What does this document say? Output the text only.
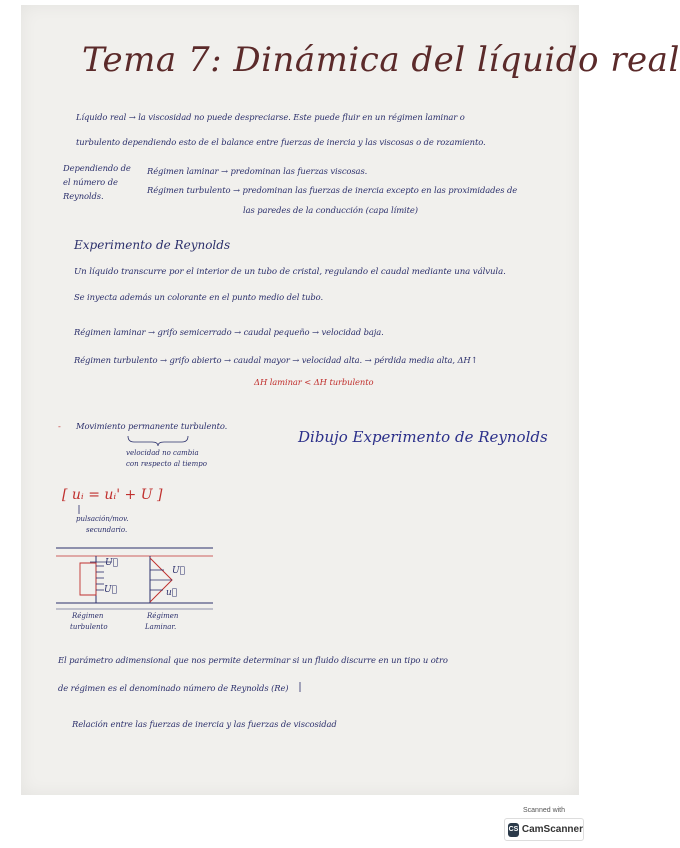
Tema 7: Dinámica del líquido real
Líquido real → la viscosidad no puede despreciarse. Este puede fluir en un régimen laminar o
turbulento dependiendo esto de el balance entre fuerzas de inercia y las viscosas o de rozamiento.
Dependiendo de
el número de
Reynolds.
Régimen laminar → predominan las fuerzas viscosas.
Régimen turbulento → predominan las fuerzas de inercia excepto en las proximidades de
las paredes de la conducción (capa límite)
Experimento de Reynolds
Un líquido transcurre por el interior de un tubo de cristal, regulando el caudal mediante una válvula.
Se inyecta además un colorante en el punto medio del tubo.
Régimen laminar → grifo semicerrado → caudal pequeño → velocidad baja.
Régimen turbulento → grifo abierto → caudal mayor → velocidad alta. → pérdida media alta, ΔH↑
ΔH laminar < ΔH turbulento
- Movimiento permanente turbulento.
velocidad no cambia
con respecto al tiempo
Dibujo Experimento de Reynolds
[ uᵢ = uᵢ' + U ]
pulsación/mov.
secundario.
U⃗
U⃗
U⃗
u⃗
Régimen
turbulento
Régimen
Laminar.
El parámetro adimensional que nos permite determinar si un fluido discurre en un tipo u otro
de régimen es el denominado número de Reynolds (Re)
Relación entre las fuerzas de inercia y las fuerzas de viscosidad
Scanned with
CS CamScanner
